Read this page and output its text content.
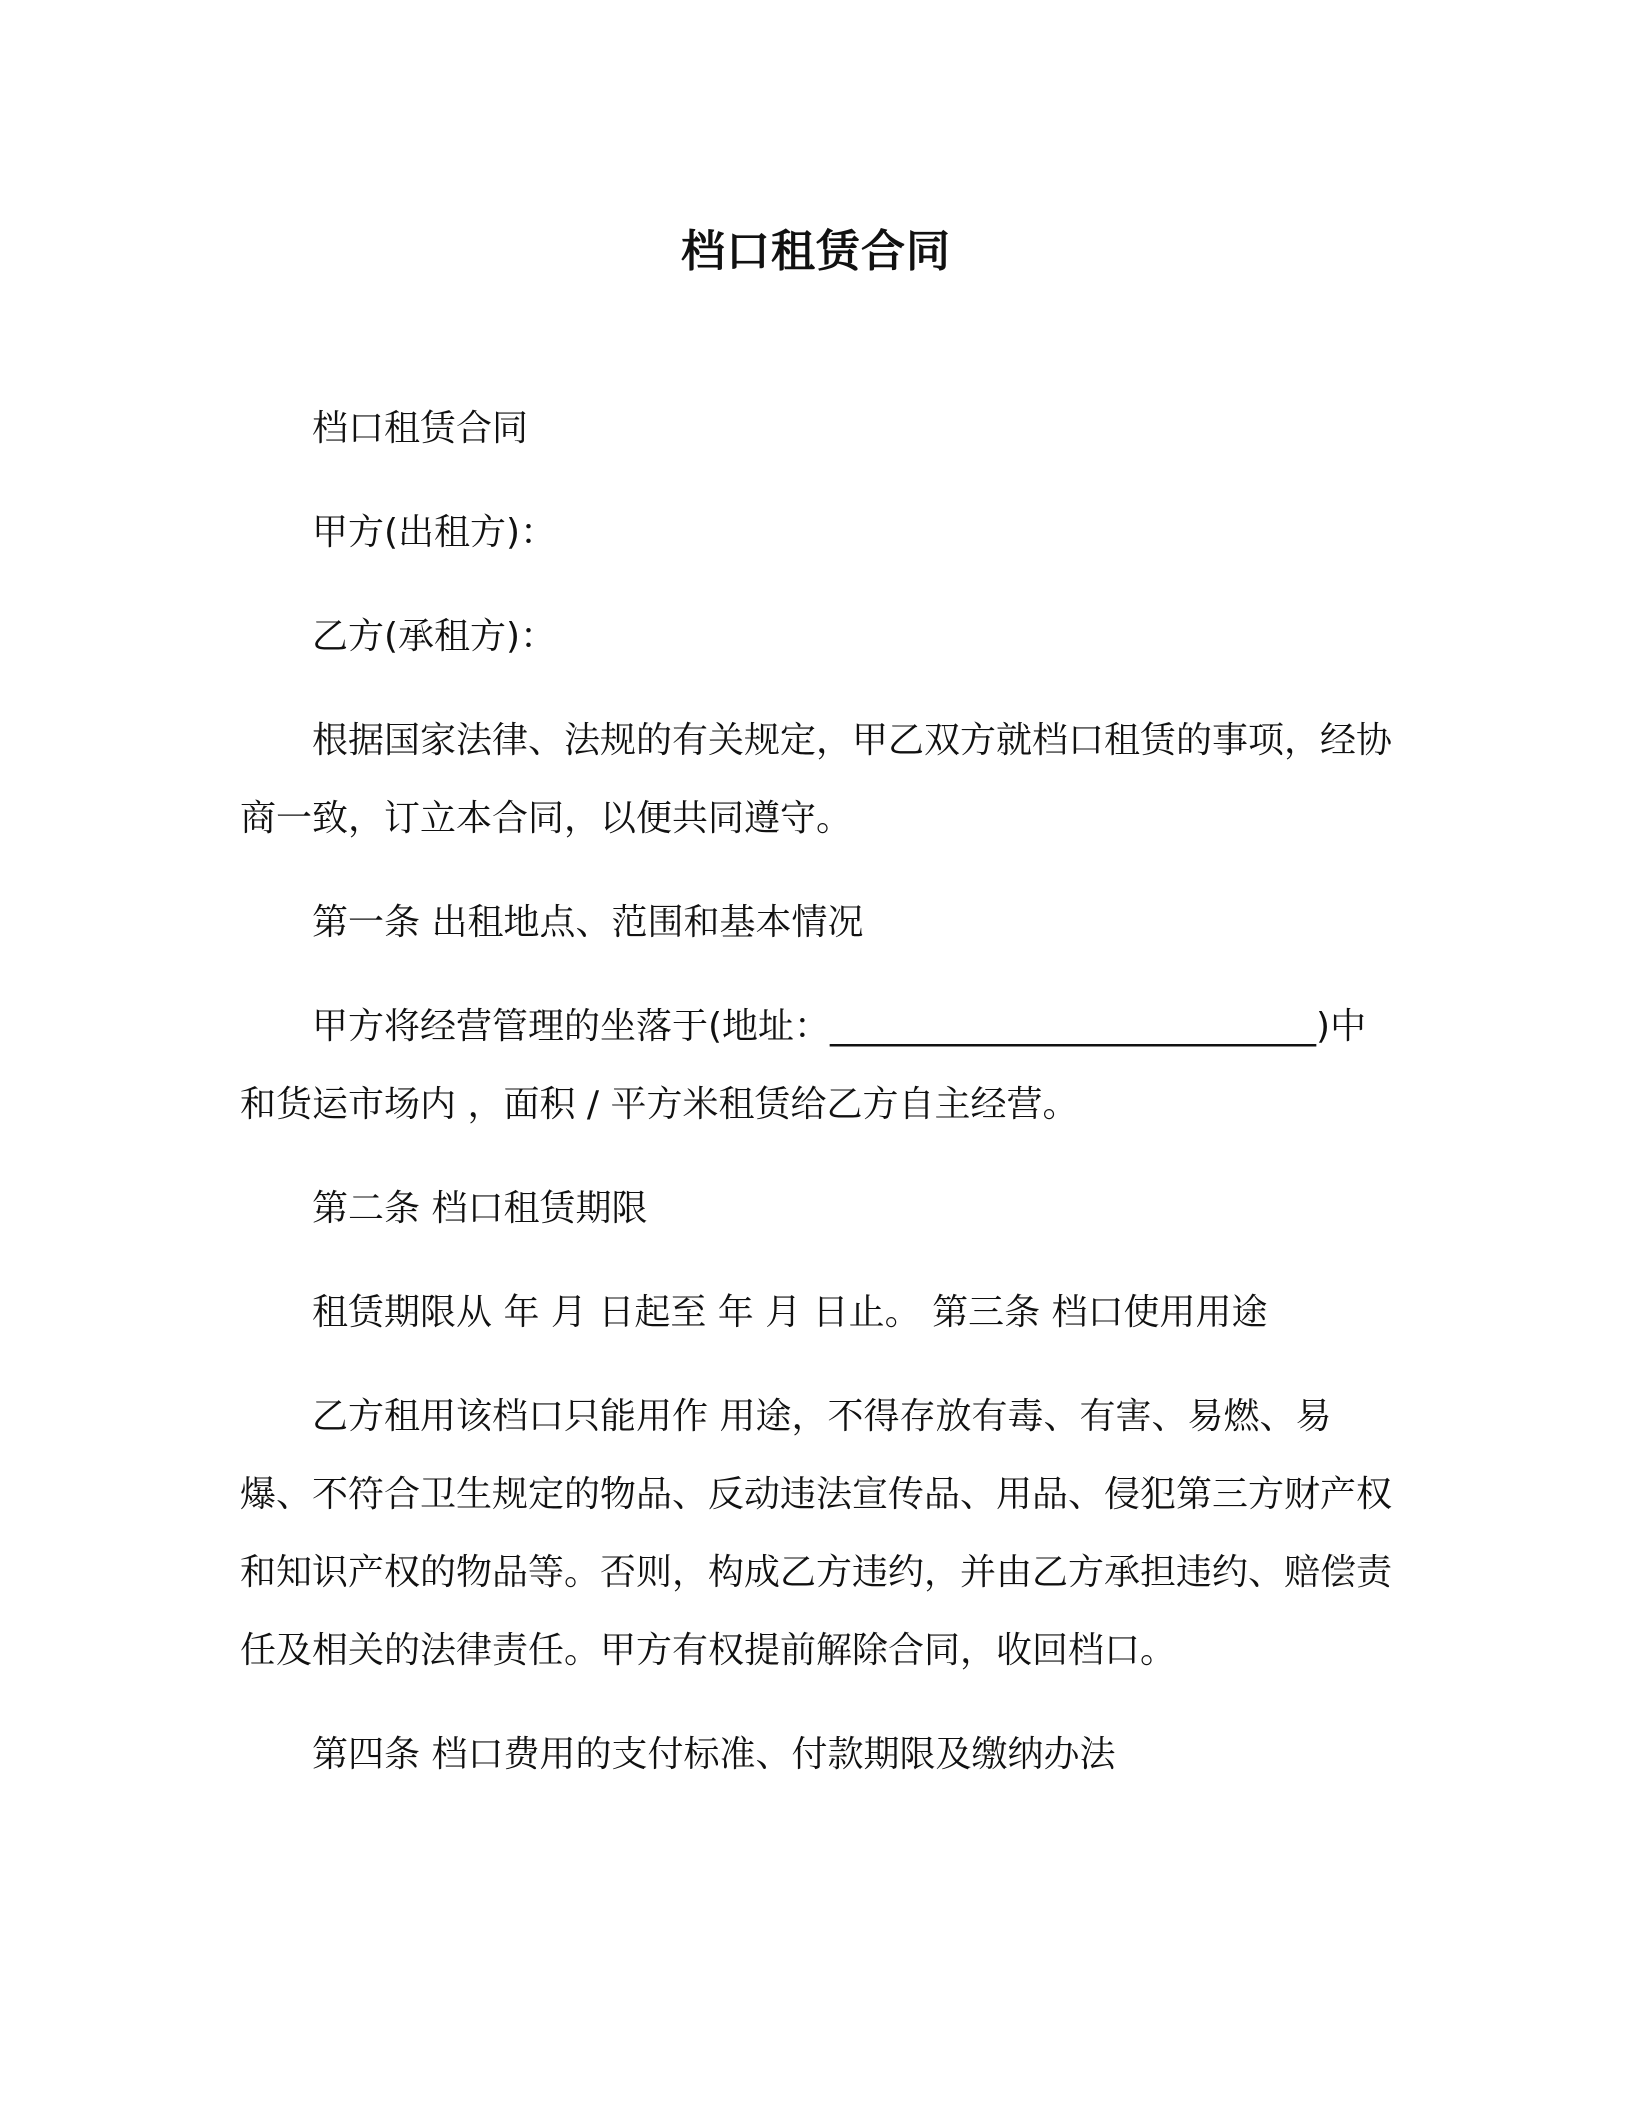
档口租赁合同

档口租赁合同

甲方(出租方)：

乙方(承租方)：

根据国家法律、法规的有关规定，甲乙双方就档口租赁的事项，经协商一致，订立本合同，以便共同遵守。

第一条 出租地点、范围和基本情况

甲方将经营管理的坐落于(地址：___________________________)中和货运市场内 ，面积 / 平方米租赁给乙方自主经营。

第二条 档口租赁期限

租赁期限从 年 月 日起至 年 月 日止。 第三条 档口使用用途

乙方租用该档口只能用作 用途，不得存放有毒、有害、易燃、易爆、不符合卫生规定的物品、反动违法宣传品、用品、侵犯第三方财产权和知识产权的物品等。否则，构成乙方违约，并由乙方承担违约、赔偿责任及相关的法律责任。甲方有权提前解除合同，收回档口。

第四条 档口费用的支付标准、付款期限及缴纳办法
